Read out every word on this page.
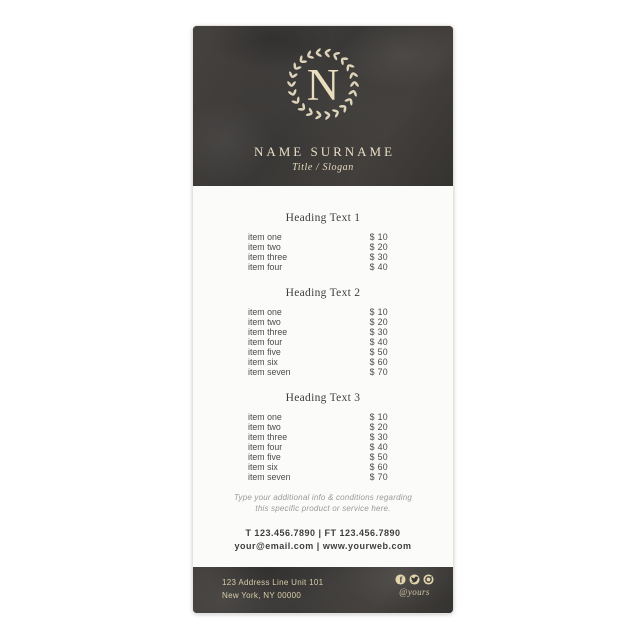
N
NAME SURNAME
Title / Slogan
Heading Text 1
item one	$ 10
item two	$ 20
item three	$ 30
item four	$ 40
Heading Text 2
item one	$ 10
item two	$ 20
item three	$ 30
item four	$ 40
item five	$ 50
item six	$ 60
item seven	$ 70
Heading Text 3
item one	$ 10
item two	$ 20
item three	$ 30
item four	$ 40
item five	$ 50
item six	$ 60
item seven	$ 70
Type your additional info & conditions regarding
this specific product or service here.
T 123.456.7890 | FT 123.456.7890
your@email.com | www.yourweb.com
123 Address Line Unit 101
New York, NY 00000
f
@yours
